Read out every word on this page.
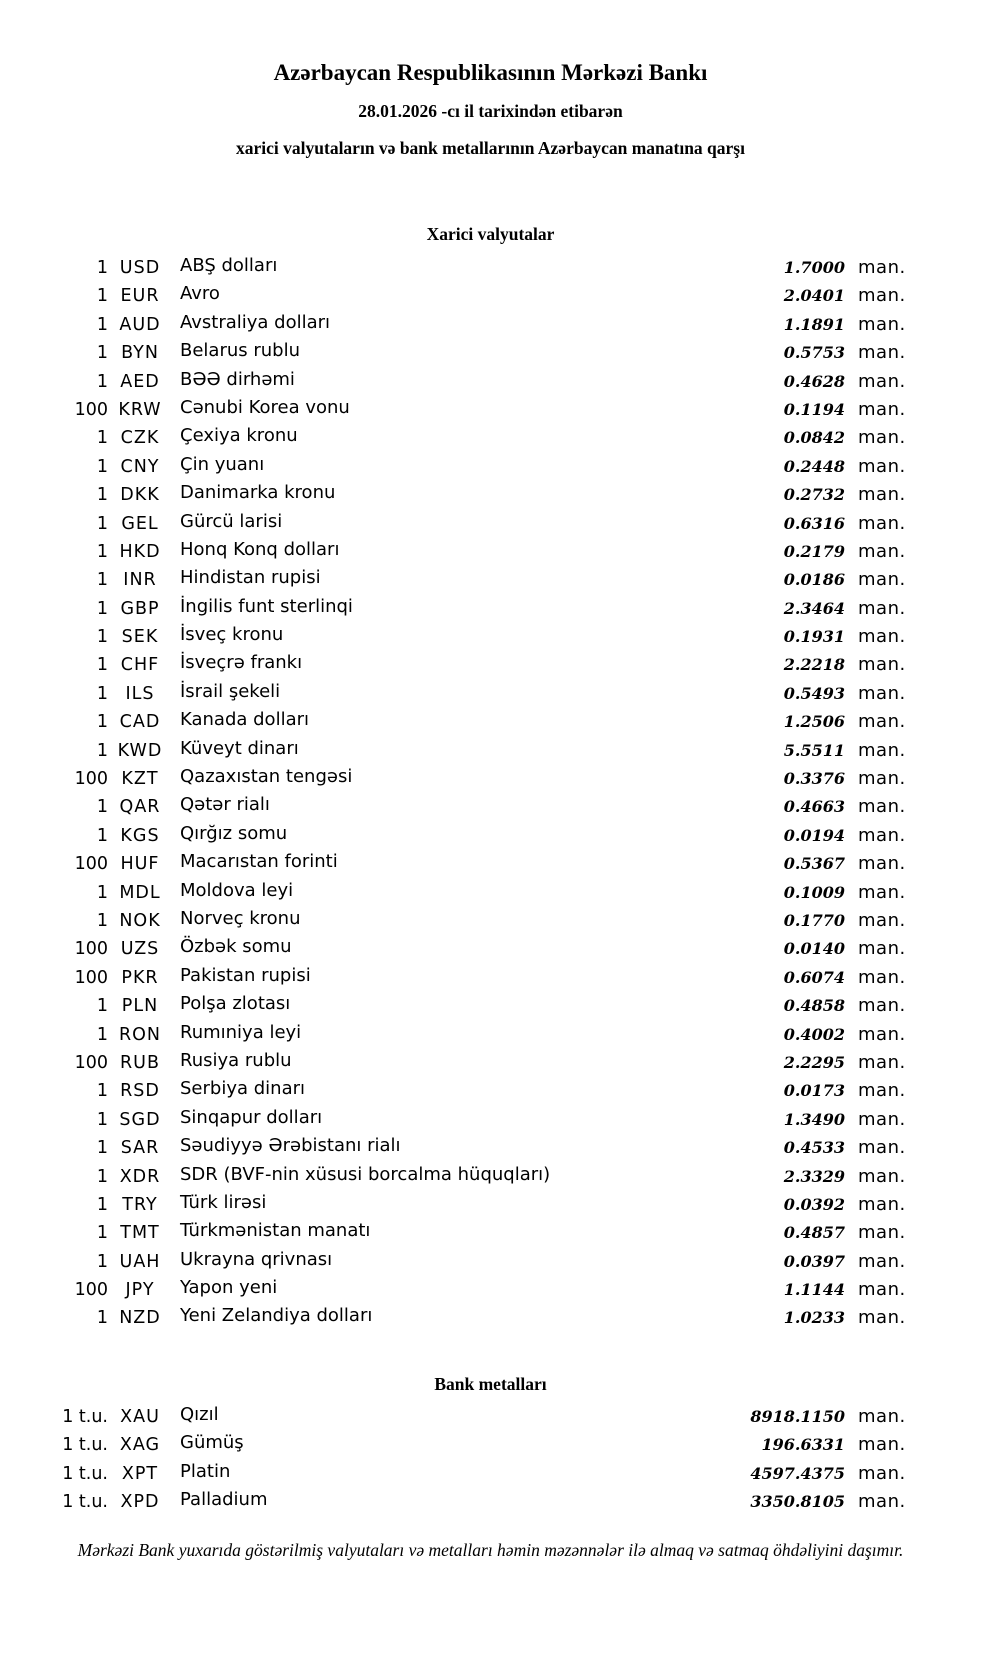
Azərbaycan Respublikasının Mərkəzi Bankı
28.01.2026 -cı il tarixindən etibarən
xarici valyutaların və bank metallarının Azərbaycan manatına qarşı
Xarici valyutalar
1 USD	ABŞ dolları	1.7000 man.
1 EUR	Avro	2.0401 man.
1 AUD	Avstraliya dolları	1.1891 man.
1 BYN	Belarus rublu	0.5753 man.
1 AED	BƏƏ dirhəmi	0.4628 man.
100 KRW	Cənubi Korea vonu	0.1194 man.
1 CZK	Çexiya kronu	0.0842 man.
1 CNY	Çin yuanı	0.2448 man.
1 DKK	Danimarka kronu	0.2732 man.
1 GEL	Gürcü larisi	0.6316 man.
1 HKD	Honq Konq dolları	0.2179 man.
1 INR	Hindistan rupisi	0.0186 man.
1 GBP	İngilis funt sterlinqi	2.3464 man.
1 SEK	İsveç kronu	0.1931 man.
1 CHF	İsveçrə frankı	2.2218 man.
1 ILS	İsrail şekeli	0.5493 man.
1 CAD	Kanada dolları	1.2506 man.
1 KWD Küveyt dinarı	5.5511 man.
100 KZT	Qazaxıstan tengəsi	0.3376 man.
1 QAR	Qətər rialı	0.4663 man.
1 KGS	Qırğız somu	0.0194 man.
100 HUF	Macarıstan forinti	0.5367 man.
1 MDL	Moldova leyi	0.1009 man.
1 NOK	Norveç kronu	0.1770 man.
100 UZS	Özbək somu	0.0140 man.
100 PKR	Pakistan rupisi	0.6074 man.
1 PLN	Polşa zlotası	0.4858 man.
1 RON	Rumıniya leyi	0.4002 man.
100 RUB	Rusiya rublu	2.2295 man.
1 RSD	Serbiya dinarı	0.0173 man.
1 SGD	Sinqapur dolları	1.3490 man.
1 SAR	Səudiyyə Ərəbistanı rialı	0.4533 man.
1 XDR	SDR (BVF-nin xüsusi borcalma hüquqları)	2.3329 man.
1 TRY	Türk lirəsi	0.0392 man.
1 TMT	Türkmənistan manatı	0.4857 man.
1 UAH	Ukrayna qrivnası	0.0397 man.
100 JPY	Yapon yeni	1.1144 man.
1 NZD	Yeni Zelandiya dolları	1.0233 man.
Bank metalları
1 t.u. XAU	Qızıl	8918.1150 man.
1 t.u. XAG	Gümüş	196.6331 man.
1 t.u. XPT	Platin	4597.4375 man.
1 t.u. XPD	Palladium	3350.8105 man.
Mərkəzi Bank yuxarıda göstərilmiş valyutaları və metalları həmin məzənnələr ilə almaq və satmaq öhdəliyini daşımır.
